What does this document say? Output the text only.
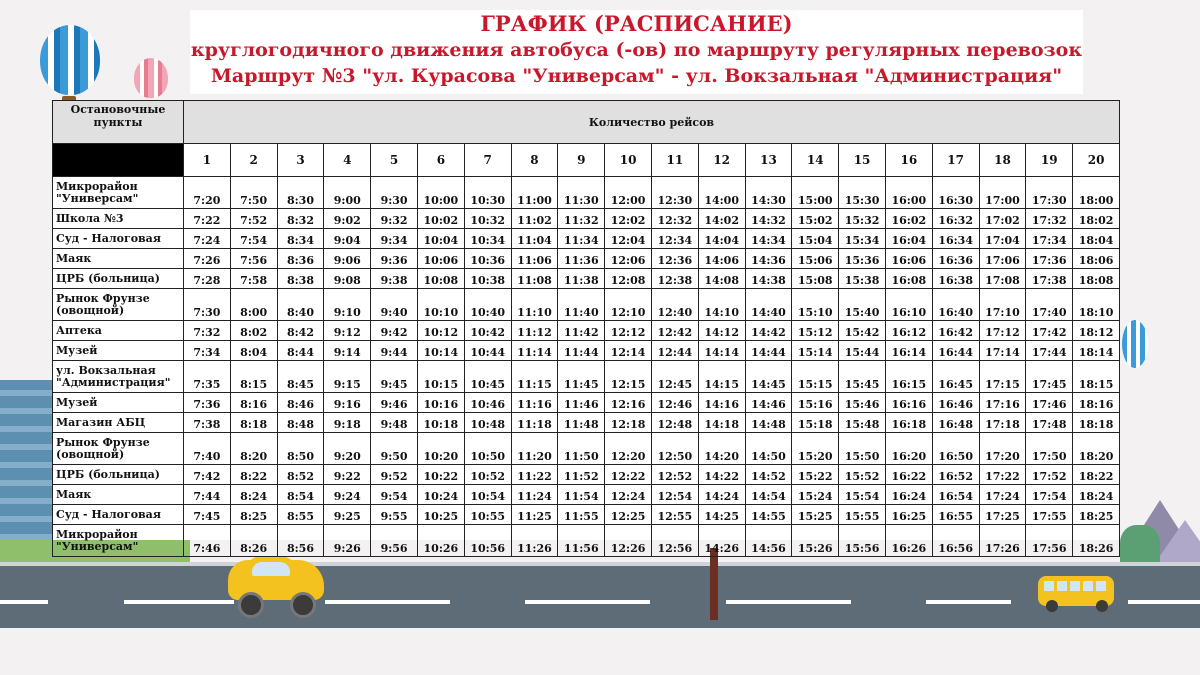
ГРАФИК (РАСПИСАНИЕ)

круглогодичного движения автобуса (-ов) по маршруту регулярных перевозок

Маршрут №3 "ул. Курасова "Универсам" - ул. Вокзальная "Администрация"

Остановочные пункты	Количество рейсов																			
	1	2	3	4	5	6	7	8	9	10	11	12	13	14	15	16	17	18	19	20
Микрорайон "Универсам"	7:20	7:50	8:30	9:00	9:30	10:00	10:30	11:00	11:30	12:00	12:30	14:00	14:30	15:00	15:30	16:00	16:30	17:00	17:30	18:00
Школа №3	7:22	7:52	8:32	9:02	9:32	10:02	10:32	11:02	11:32	12:02	12:32	14:02	14:32	15:02	15:32	16:02	16:32	17:02	17:32	18:02
Суд - Налоговая	7:24	7:54	8:34	9:04	9:34	10:04	10:34	11:04	11:34	12:04	12:34	14:04	14:34	15:04	15:34	16:04	16:34	17:04	17:34	18:04
Маяк	7:26	7:56	8:36	9:06	9:36	10:06	10:36	11:06	11:36	12:06	12:36	14:06	14:36	15:06	15:36	16:06	16:36	17:06	17:36	18:06
ЦРБ (больница)	7:28	7:58	8:38	9:08	9:38	10:08	10:38	11:08	11:38	12:08	12:38	14:08	14:38	15:08	15:38	16:08	16:38	17:08	17:38	18:08
Рынок Фрунзе (овощной)	7:30	8:00	8:40	9:10	9:40	10:10	10:40	11:10	11:40	12:10	12:40	14:10	14:40	15:10	15:40	16:10	16:40	17:10	17:40	18:10
Аптека	7:32	8:02	8:42	9:12	9:42	10:12	10:42	11:12	11:42	12:12	12:42	14:12	14:42	15:12	15:42	16:12	16:42	17:12	17:42	18:12
Музей	7:34	8:04	8:44	9:14	9:44	10:14	10:44	11:14	11:44	12:14	12:44	14:14	14:44	15:14	15:44	16:14	16:44	17:14	17:44	18:14
ул. Вокзальная "Администрация"	7:35	8:15	8:45	9:15	9:45	10:15	10:45	11:15	11:45	12:15	12:45	14:15	14:45	15:15	15:45	16:15	16:45	17:15	17:45	18:15
Музей	7:36	8:16	8:46	9:16	9:46	10:16	10:46	11:16	11:46	12:16	12:46	14:16	14:46	15:16	15:46	16:16	16:46	17:16	17:46	18:16
Магазин АБЦ	7:38	8:18	8:48	9:18	9:48	10:18	10:48	11:18	11:48	12:18	12:48	14:18	14:48	15:18	15:48	16:18	16:48	17:18	17:48	18:18
Рынок Фрунзе (овощной)	7:40	8:20	8:50	9:20	9:50	10:20	10:50	11:20	11:50	12:20	12:50	14:20	14:50	15:20	15:50	16:20	16:50	17:20	17:50	18:20
ЦРБ (больница)	7:42	8:22	8:52	9:22	9:52	10:22	10:52	11:22	11:52	12:22	12:52	14:22	14:52	15:22	15:52	16:22	16:52	17:22	17:52	18:22
Маяк	7:44	8:24	8:54	9:24	9:54	10:24	10:54	11:24	11:54	12:24	12:54	14:24	14:54	15:24	15:54	16:24	16:54	17:24	17:54	18:24
Суд - Налоговая	7:45	8:25	8:55	9:25	9:55	10:25	10:55	11:25	11:55	12:25	12:55	14:25	14:55	15:25	15:55	16:25	16:55	17:25	17:55	18:25
Микрорайон "Универсам"	7:46	8:26	8:56	9:26	9:56	10:26	10:56	11:26	11:56	12:26	12:56	14:26	14:56	15:26	15:56	16:26	16:56	17:26	17:56	18:26
